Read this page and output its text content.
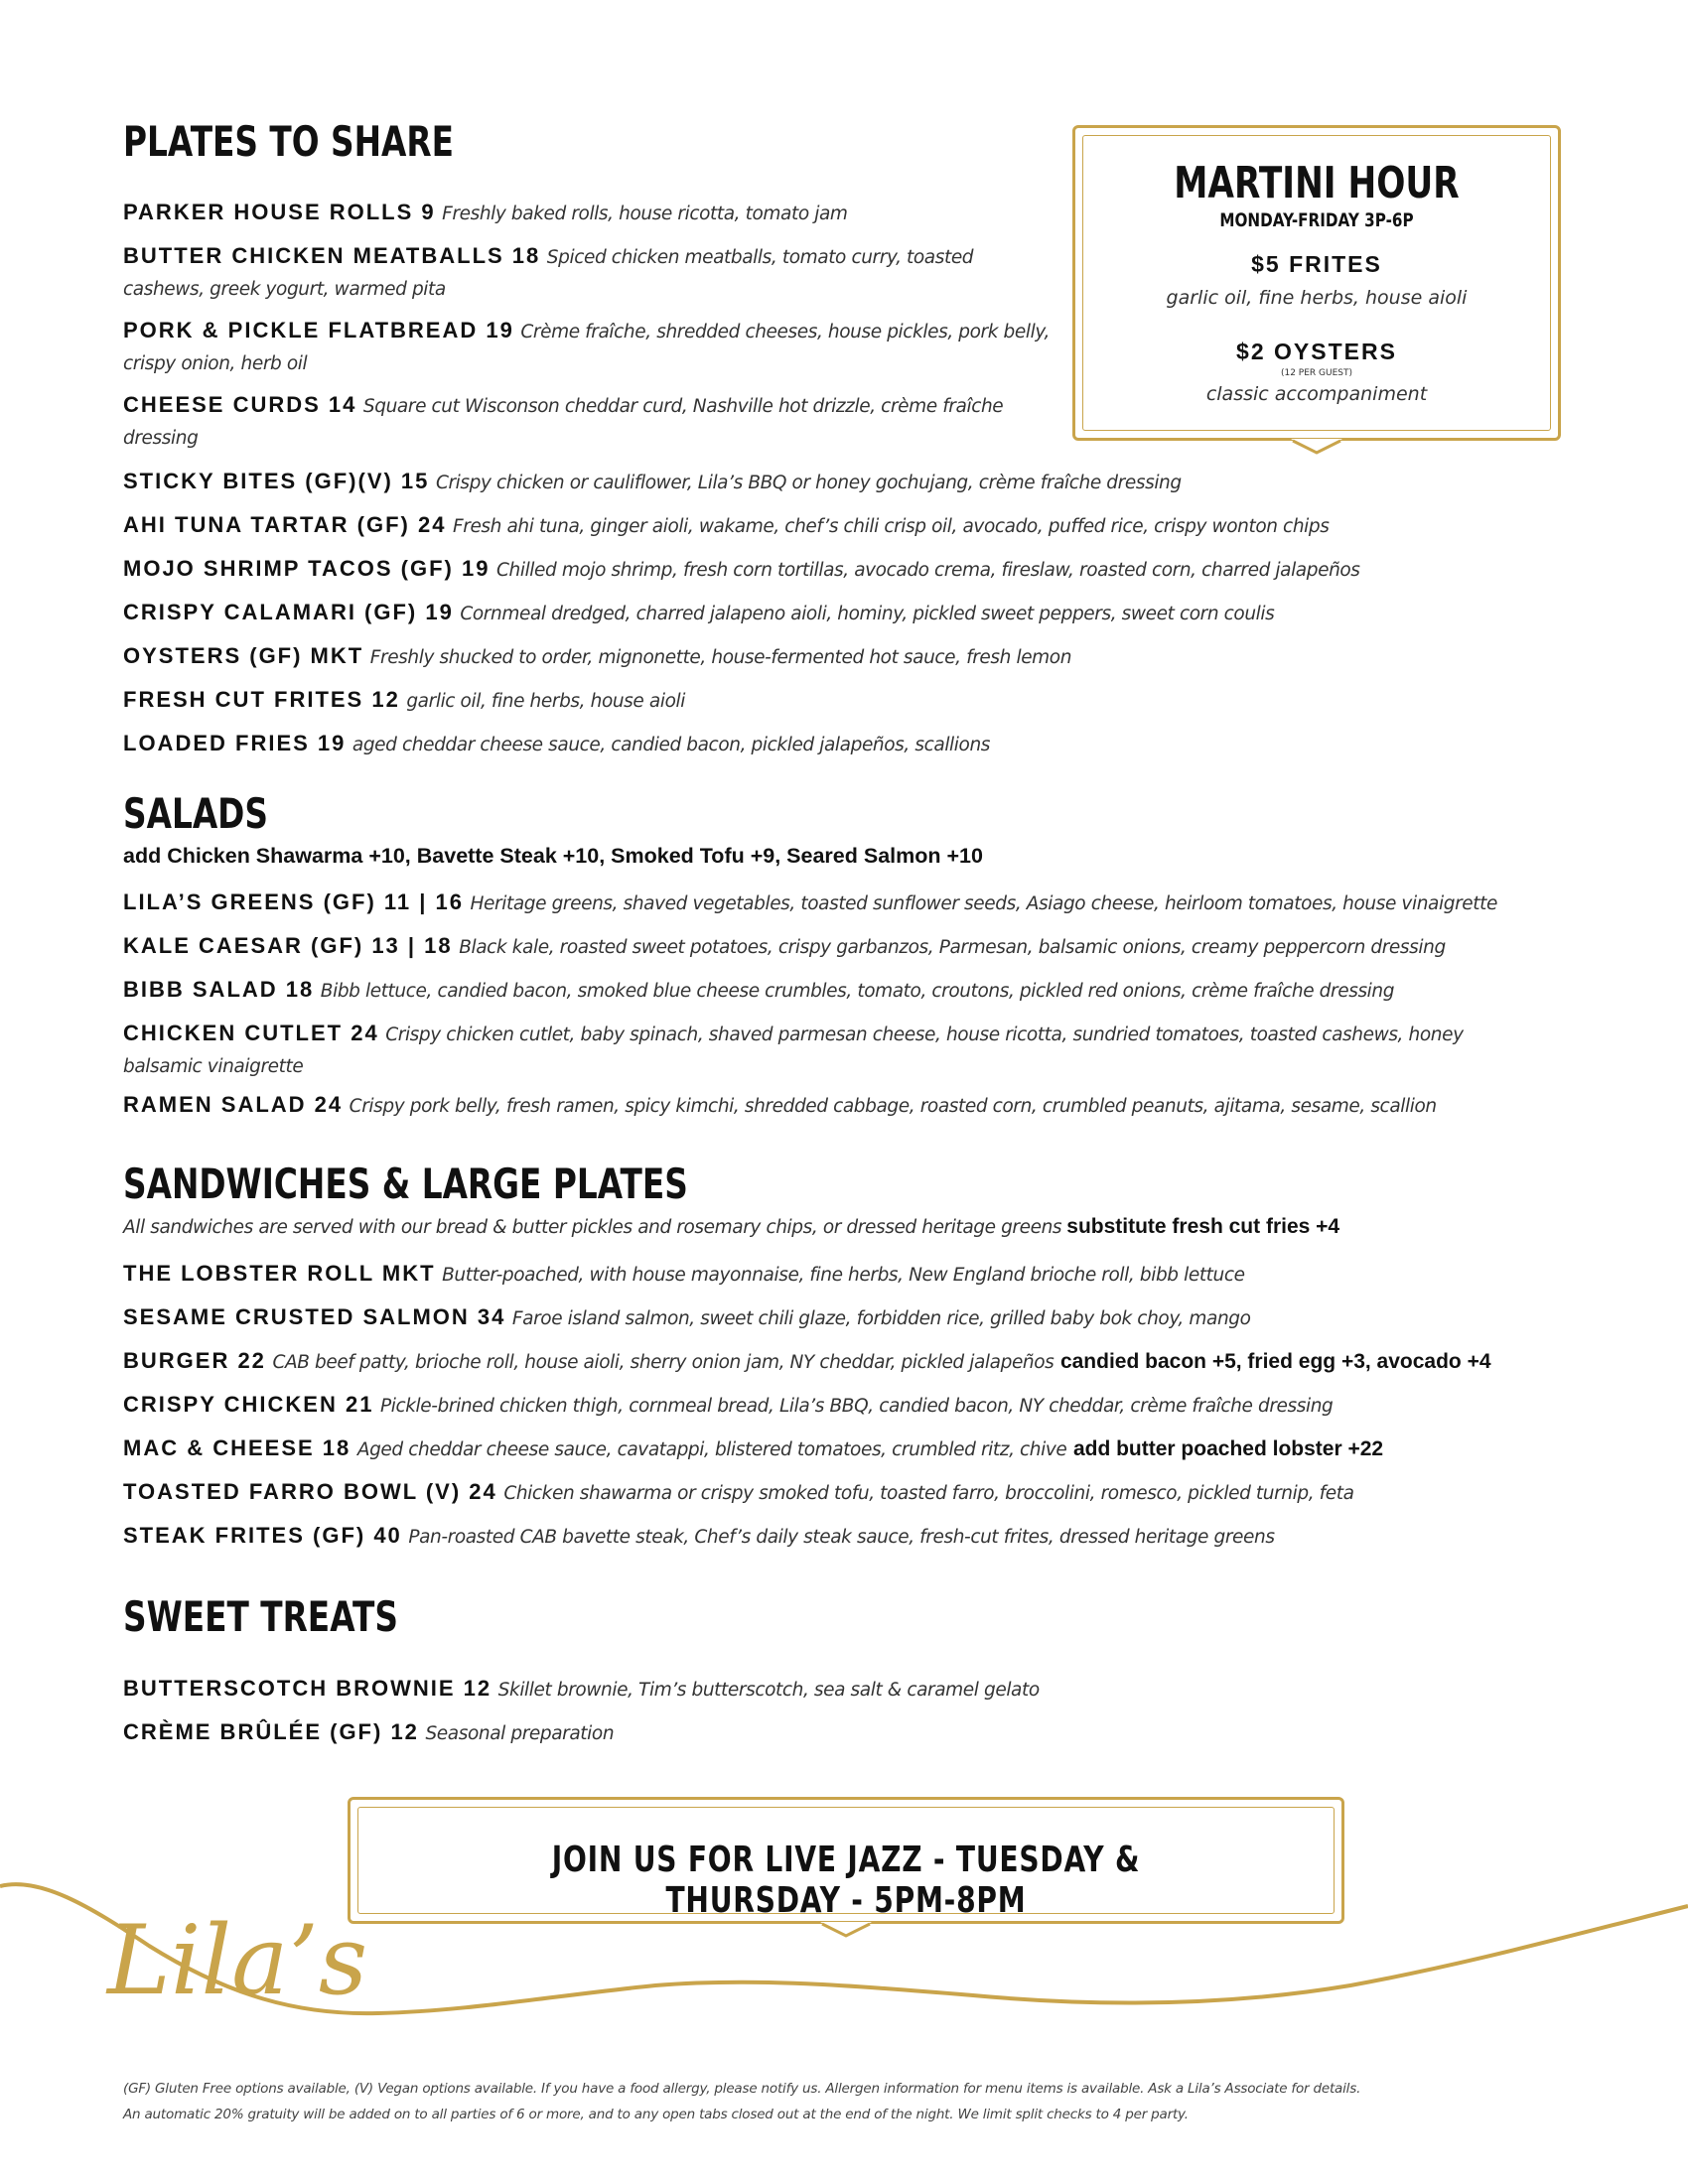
PLATES TO SHARE
PARKER HOUSE ROLLS 9 Freshly baked rolls, house ricotta, tomato jam
BUTTER CHICKEN MEATBALLS 18 Spiced chicken meatballs, tomato curry, toasted cashews, greek yogurt, warmed pita
PORK & PICKLE FLATBREAD 19 Crème fraîche, shredded cheeses, house pickles, pork belly, crispy onion, herb oil
CHEESE CURDS 14 Square cut Wisconson cheddar curd, Nashville hot drizzle, crème fraîche dressing
STICKY BITES (GF)(V) 15 Crispy chicken or cauliflower, Lila’s BBQ or honey gochujang, crème fraîche dressing
AHI TUNA TARTAR (GF) 24 Fresh ahi tuna, ginger aioli, wakame, chef’s chili crisp oil, avocado, puffed rice, crispy wonton chips
MOJO SHRIMP TACOS (GF) 19 Chilled mojo shrimp, fresh corn tortillas, avocado crema, fireslaw, roasted corn, charred jalapeños
CRISPY CALAMARI (GF) 19 Cornmeal dredged, charred jalapeno aioli, hominy, pickled sweet peppers, sweet corn coulis
OYSTERS (GF) MKT Freshly shucked to order, mignonette, house-fermented hot sauce, fresh lemon
FRESH CUT FRITES 12 garlic oil, fine herbs, house aioli
LOADED FRIES 19 aged cheddar cheese sauce, candied bacon, pickled jalapeños, scallions
MARTINI HOUR
MONDAY-FRIDAY 3P-6P
$5 FRITES
garlic oil, fine herbs, house aioli
$2 OYSTERS
(12 PER GUEST)
classic accompaniment
SALADS
add Chicken Shawarma +10, Bavette Steak +10, Smoked Tofu +9, Seared Salmon +10
LILA’S GREENS (GF) 11 | 16 Heritage greens, shaved vegetables, toasted sunflower seeds, Asiago cheese, heirloom tomatoes, house vinaigrette
KALE CAESAR (GF) 13 | 18 Black kale, roasted sweet potatoes, crispy garbanzos, Parmesan, balsamic onions, creamy peppercorn dressing
BIBB SALAD 18 Bibb lettuce, candied bacon, smoked blue cheese crumbles, tomato, croutons, pickled red onions, crème fraîche dressing
CHICKEN CUTLET 24 Crispy chicken cutlet, baby spinach, shaved parmesan cheese, house ricotta, sundried tomatoes, toasted cashews, honey balsamic vinaigrette
RAMEN SALAD 24 Crispy pork belly, fresh ramen, spicy kimchi, shredded cabbage, roasted corn, crumbled peanuts, ajitama, sesame, scallion
SANDWICHES & LARGE PLATES
All sandwiches are served with our bread & butter pickles and rosemary chips, or dressed heritage greens substitute fresh cut fries +4
THE LOBSTER ROLL MKT Butter-poached, with house mayonnaise, fine herbs, New England brioche roll, bibb lettuce
SESAME CRUSTED SALMON 34 Faroe island salmon, sweet chili glaze, forbidden rice, grilled baby bok choy, mango
BURGER 22 CAB beef patty, brioche roll, house aioli, sherry onion jam, NY cheddar, pickled jalapeños candied bacon +5, fried egg +3, avocado +4
CRISPY CHICKEN 21 Pickle-brined chicken thigh, cornmeal bread, Lila’s BBQ, candied bacon, NY cheddar, crème fraîche dressing
MAC & CHEESE 18 Aged cheddar cheese sauce, cavatappi, blistered tomatoes, crumbled ritz, chive add butter poached lobster +22
TOASTED FARRO BOWL (V) 24 Chicken shawarma or crispy smoked tofu, toasted farro, broccolini, romesco, pickled turnip, feta
STEAK FRITES (GF) 40 Pan-roasted CAB bavette steak, Chef’s daily steak sauce, fresh-cut frites, dressed heritage greens
SWEET TREATS
BUTTERSCOTCH BROWNIE 12 Skillet brownie, Tim’s butterscotch, sea salt & caramel gelato
CRÈME BRÛLÉE (GF) 12 Seasonal preparation
JOIN US FOR LIVE JAZZ - TUESDAY & THURSDAY - 5PM-8PM
Lila’s
(GF) Gluten Free options available, (V) Vegan options available. If you have a food allergy, please notify us. Allergen information for menu items is available. Ask a Lila’s Associate for details.
An automatic 20% gratuity will be added on to all parties of 6 or more, and to any open tabs closed out at the end of the night. We limit split checks to 4 per party.
